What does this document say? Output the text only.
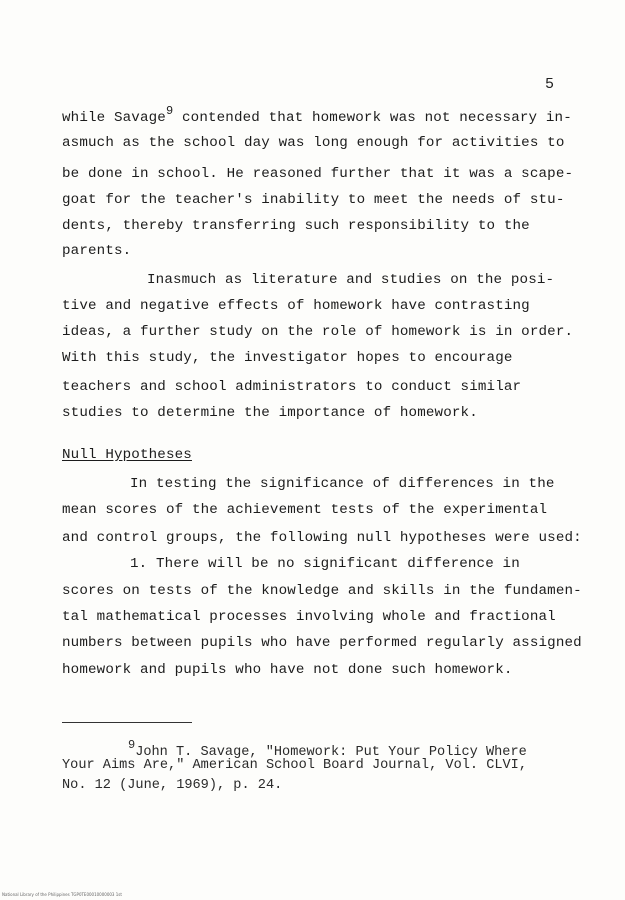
5
while Savage$^9$ contended that homework was not necessary in-
asmuch as the school day was long enough for activities to
be done in school. He reasoned further that it was a scape-
goat for the teacher's inability to meet the needs of stu-
dents, thereby transferring such responsibility to the
parents.
Inasmuch as literature and studies on the posi-
tive and negative effects of homework have contrasting
ideas, a further study on the role of homework is in order.
With this study, the investigator hopes to encourage
teachers and school administrators to conduct similar
studies to determine the importance of homework.
Null Hypotheses
In testing the significance of differences in the
mean scores of the achievement tests of the experimental
and control groups, the following null hypotheses were used:
1. There will be no significant difference in
scores on tests of the knowledge and skills in the fundamen-
tal mathematical processes involving whole and fractional
numbers between pupils who have performed regularly assigned
homework and pupils who have not done such homework.
9John T. Savage, "Homework: Put Your Policy Where
Your Aims Are," American School Board Journal, Vol. CLVI,
No. 12 (June, 1969), p. 24.
National Library of the Philippines TGP0TE00010000003 1st
